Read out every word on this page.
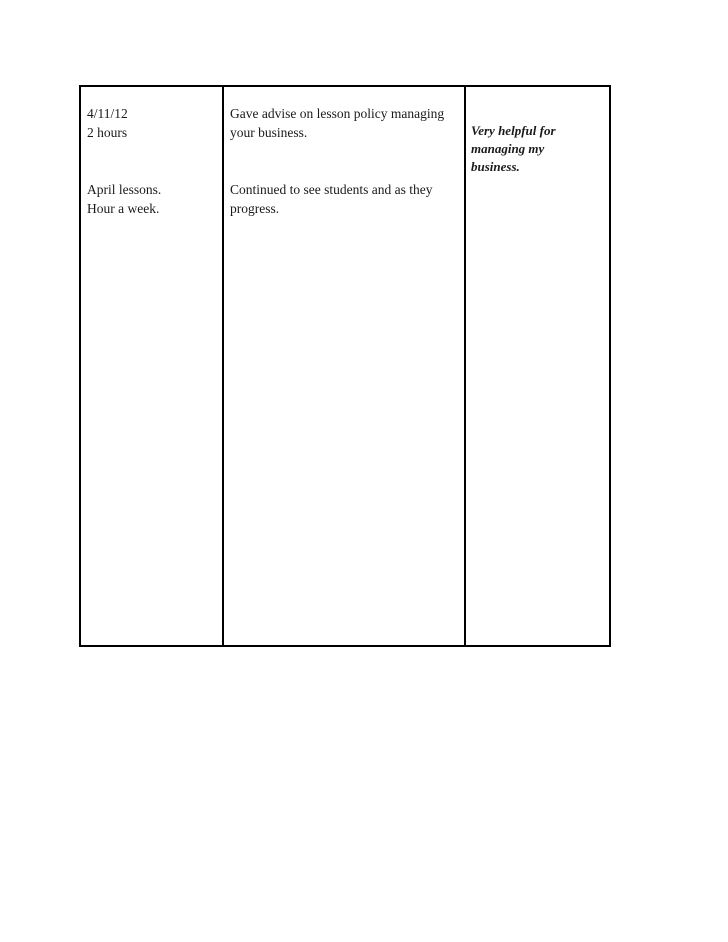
4/11/12
2 hours
April lessons.
Hour a week.
Gave advise on lesson policy managing
your business.
Continued to see students and as they
progress.
Very helpful for
managing my
business.
